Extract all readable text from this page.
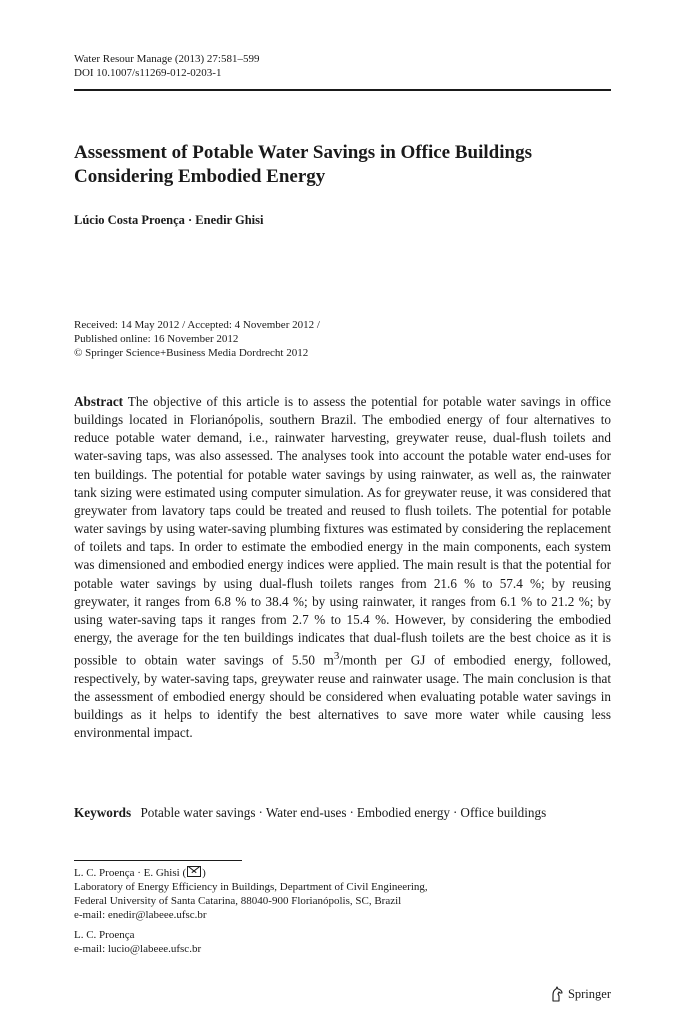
Water Resour Manage (2013) 27:581–599
DOI 10.1007/s11269-012-0203-1
Assessment of Potable Water Savings in Office Buildings
Considering Embodied Energy
Lúcio Costa Proença · Enedir Ghisi
Received: 14 May 2012 / Accepted: 4 November 2012 /
Published online: 16 November 2012
© Springer Science+Business Media Dordrecht 2012

Abstract The objective of this article is to assess the potential for potable water savings in office buildings located in Florianópolis, southern Brazil. The embodied energy of four alternatives to reduce potable water demand, i.e., rainwater harvesting, greywater reuse, dual-flush toilets and water-saving taps, was also assessed. The analyses took into account the potable water end-uses for ten buildings. The potential for potable water savings by using rainwater, as well as, the rainwater tank sizing were estimated using computer simulation. As for greywater reuse, it was considered that greywater from lavatory taps could be treated and reused to flush toilets. The potential for potable water savings by using water-saving plumbing fixtures was estimated by considering the replacement of toilets and taps. In order to estimate the embodied energy in the main components, each system was dimensioned and embodied energy indices were applied. The main result is that the potential for potable water savings by using dual-flush toilets ranges from 21.6 % to 57.4 %; by reusing greywater, it ranges from 6.8 % to 38.4 %; by using rainwater, it ranges from 6.1 % to 21.2 %; by using water-saving taps it ranges from 2.7 % to 15.4 %. However, by considering the embodied energy, the average for the ten buildings indicates that dual-flush toilets are the best choice as it is possible to obtain water savings of 5.50 $m^3$/month per GJ of embodied energy, followed, respectively, by water-saving taps, greywater reuse and rainwater usage. The main conclusion is that the assessment of embodied energy should be considered when evaluating potable water savings in buildings as it helps to identify the best alternatives to save more water while causing less environmental impact.

Keywords Potable water savings · Water end-uses · Embodied energy · Office buildings
L. C. Proença · E. Ghisi ( )
Laboratory of Energy Efficiency in Buildings, Department of Civil Engineering,
Federal University of Santa Catarina, 88040-900 Florianópolis, SC, Brazil
e-mail: enedir@labeee.ufsc.br
L. C. Proença
e-mail: lucio@labeee.ufsc.br
Springer
